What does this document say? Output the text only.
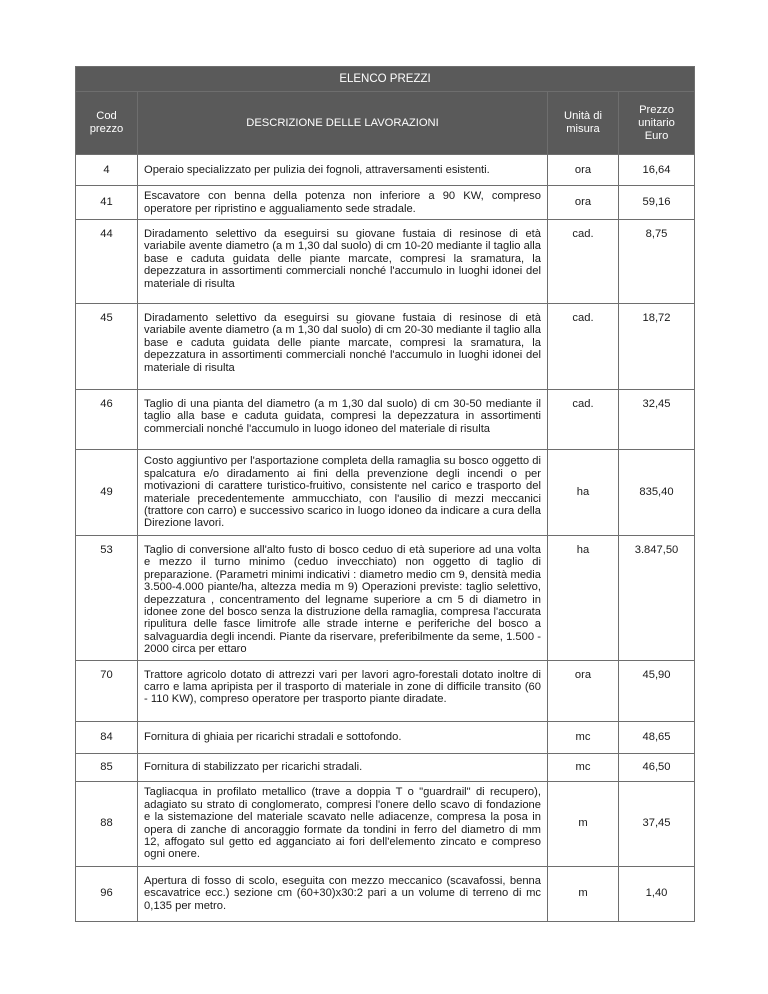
ELENCO PREZZI			
Cod prezzo	DESCRIZIONE DELLE LAVORAZIONI	Unità di misura	Prezzo unitario Euro
4	Operaio specializzato per pulizia dei fognoli, attraversamenti esistenti.	ora	16,64
41	Escavatore con benna della potenza non inferiore a 90 KW, compreso operatore per ripristino e aggualiamento sede stradale.	ora	59,16
44	Diradamento selettivo da eseguirsi su giovane fustaia di resinose di età variabile avente diametro (a m 1,30 dal suolo) di cm 10-20 mediante il taglio alla base e caduta guidata delle piante marcate, compresi la sramatura, la depezzatura in assortimenti commerciali nonché l'accumulo in luoghi idonei del materiale di risulta	cad.	8,75
45	Diradamento selettivo da eseguirsi su giovane fustaia di resinose di età variabile avente diametro (a m 1,30 dal suolo) di cm 20-30 mediante il taglio alla base e caduta guidata delle piante marcate, compresi la sramatura, la depezzatura in assortimenti commerciali nonché l'accumulo in luoghi idonei del materiale di risulta	cad.	18,72
46	Taglio di una pianta del diametro (a m 1,30 dal suolo) di cm 30-50 mediante il taglio alla base e caduta guidata, compresi la depezzatura in assortimenti commerciali nonché l'accumulo in luogo idoneo del materiale di risulta	cad.	32,45
49	Costo aggiuntivo per l'asportazione completa della ramaglia su bosco oggetto di spalcatura e/o diradamento ai fini della prevenzione degli incendi o per motivazioni di carattere turistico-fruitivo, consistente nel carico e trasporto del materiale precedentemente ammucchiato, con l'ausilio di mezzi meccanici (trattore con carro) e successivo scarico in luogo idoneo da indicare a cura della Direzione lavori.	ha	835,40
53	Taglio di conversione all'alto fusto di bosco ceduo di età superiore ad una volta e mezzo il turno minimo (ceduo invecchiato) non oggetto di taglio di preparazione. (Parametri minimi indicativi : diametro medio cm 9, densità media 3.500-4.000 piante/ha, altezza media m 9) Operazioni previste: taglio selettivo, depezzatura , concentramento del legname superiore a cm 5 di diametro in idonee zone del bosco senza la distruzione della ramaglia, compresa l'accurata ripulitura delle fasce limitrofe alle strade interne e periferiche del bosco a salvaguardia degli incendi. Piante da riservare, preferibilmente da seme, 1.500 - 2000 circa per ettaro	ha	3.847,50
70	Trattore agricolo dotato di attrezzi vari per lavori agro-forestali dotato inoltre di carro e lama apripista per il trasporto di materiale in zone di difficile transito (60 - 110 KW), compreso operatore per trasporto piante diradate.	ora	45,90
84	Fornitura di ghiaia per ricarichi stradali e sottofondo.	mc	48,65
85	Fornitura di stabilizzato per ricarichi stradali.	mc	46,50
88	Tagliacqua in profilato metallico (trave a doppia T o "guardrail" di recupero), adagiato su strato di conglomerato, compresi l'onere dello scavo di fondazione e la sistemazione del materiale scavato nelle adiacenze, compresa la posa in opera di zanche di ancoraggio formate da tondini in ferro del diametro di mm 12, affogato sul getto ed agganciato ai fori dell'elemento zincato e compreso ogni onere.	m	37,45
96	Apertura di fosso di scolo, eseguita con mezzo meccanico (scavafossi, benna escavatrice ecc.) sezione cm (60+30)x30:2 pari a un volume di terreno di mc 0,135 per metro.	m	1,40
